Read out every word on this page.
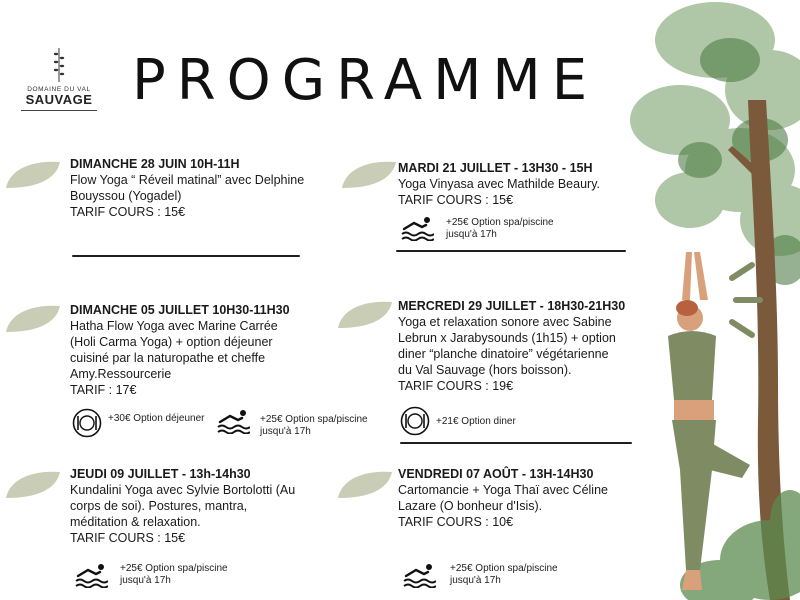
DOMAINE DU VAL
SAUVAGE PROGRAMME
DIMANCHE 28 JUIN 10H-11H
Flow Yoga “ Réveil matinal” avec Delphine
Bouyssou (Yogadel)
TARIF COURS : 15€
MARDI 21 JUILLET - 13H30 - 15H
Yoga Vinyasa avec Mathilde Beaury.
TARIF COURS : 15€
+25€ Option spa/piscine
jusqu'à 17h
DIMANCHE 05 JUILLET 10H30-11H30
Hatha Flow Yoga avec Marine Carrée
(Holi Carma Yoga) + option déjeuner
cuisiné par la naturopathe et cheffe
Amy.Ressourcerie
TARIF : 17€
+30€ Option déjeuner	+25€ Option spa/piscine
jusqu'à 17h
MERCREDI 29 JUILLET - 18H30-21H30
Yoga et relaxation sonore avec Sabine
Lebrun x Jarabysounds (1h15) + option
diner “planche dinatoire” végétarienne
du Val Sauvage (hors boisson).
TARIF COURS : 19€
+21€ Option diner
JEUDI 09 JUILLET - 13h-14h30
Kundalini Yoga avec Sylvie Bortolotti (Au
corps de soi). Postures, mantra,
méditation & relaxation.
TARIF COURS : 15€
+25€ Option spa/piscine
jusqu'à 17h
VENDREDI 07 AOÛT - 13H-14H30
Cartomancie + Yoga Thaï avec Céline
Lazare (O bonheur d'Isis).
TARIF COURS : 10€
+25€ Option spa/piscine
jusqu'à 17h
